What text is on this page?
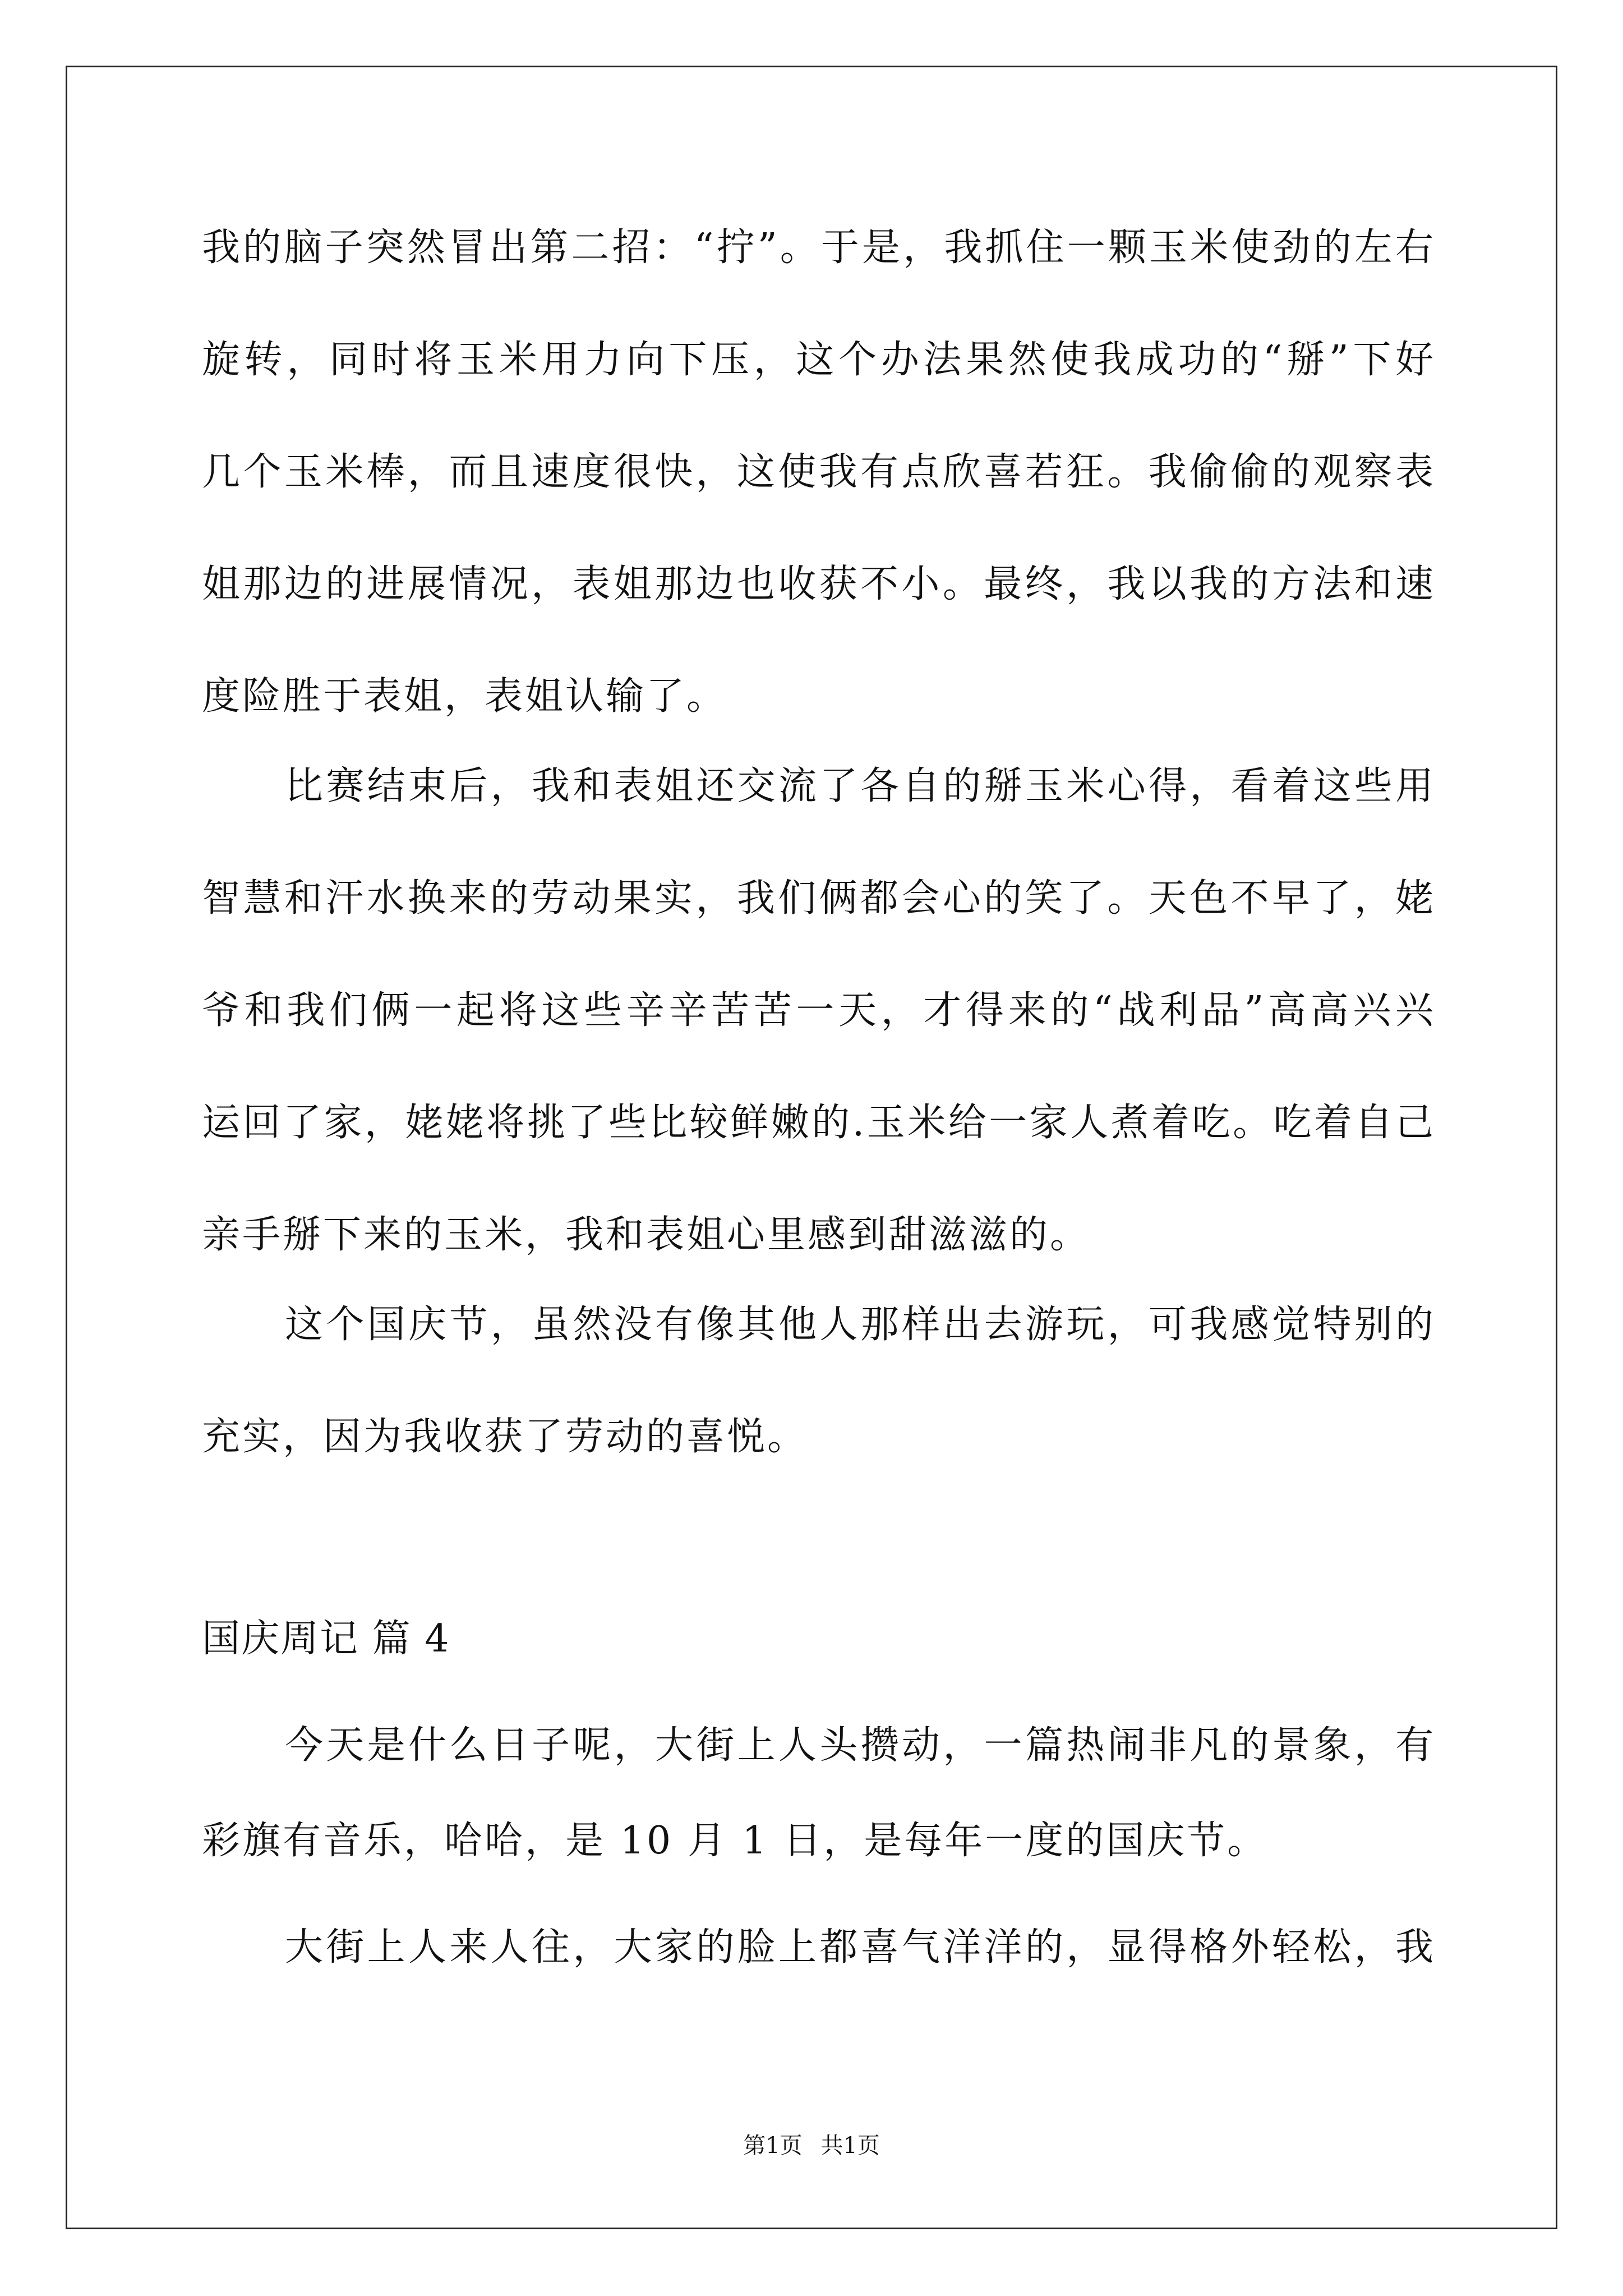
我的脑子突然冒出第二招：“拧”。于是，我抓住一颗玉米使劲的左右
旋转，同时将玉米用力向下压，这个办法果然使我成功的“掰”下好
几个玉米棒，而且速度很快，这使我有点欣喜若狂。我偷偷的观察表
姐那边的进展情况，表姐那边也收获不小。最终，我以我的方法和速
度险胜于表姐，表姐认输了。
比赛结束后，我和表姐还交流了各自的掰玉米心得，看着这些用
智慧和汗水换来的劳动果实，我们俩都会心的笑了。天色不早了，姥
爷和我们俩一起将这些辛辛苦苦一天，才得来的“战利品”高高兴兴
运回了家，姥姥将挑了些比较鲜嫩的.玉米给一家人煮着吃。吃着自己
亲手掰下来的玉米，我和表姐心里感到甜滋滋的。
这个国庆节，虽然没有像其他人那样出去游玩，可我感觉特别的
充实，因为我收获了劳动的喜悦。
国庆周记 篇 4
今天是什么日子呢，大街上人头攒动，一篇热闹非凡的景象，有
彩旗有音乐，哈哈，是 10 月 1 日，是每年一度的国庆节。
大街上人来人往，大家的脸上都喜气洋洋的，显得格外轻松，我
第1页 共1页
